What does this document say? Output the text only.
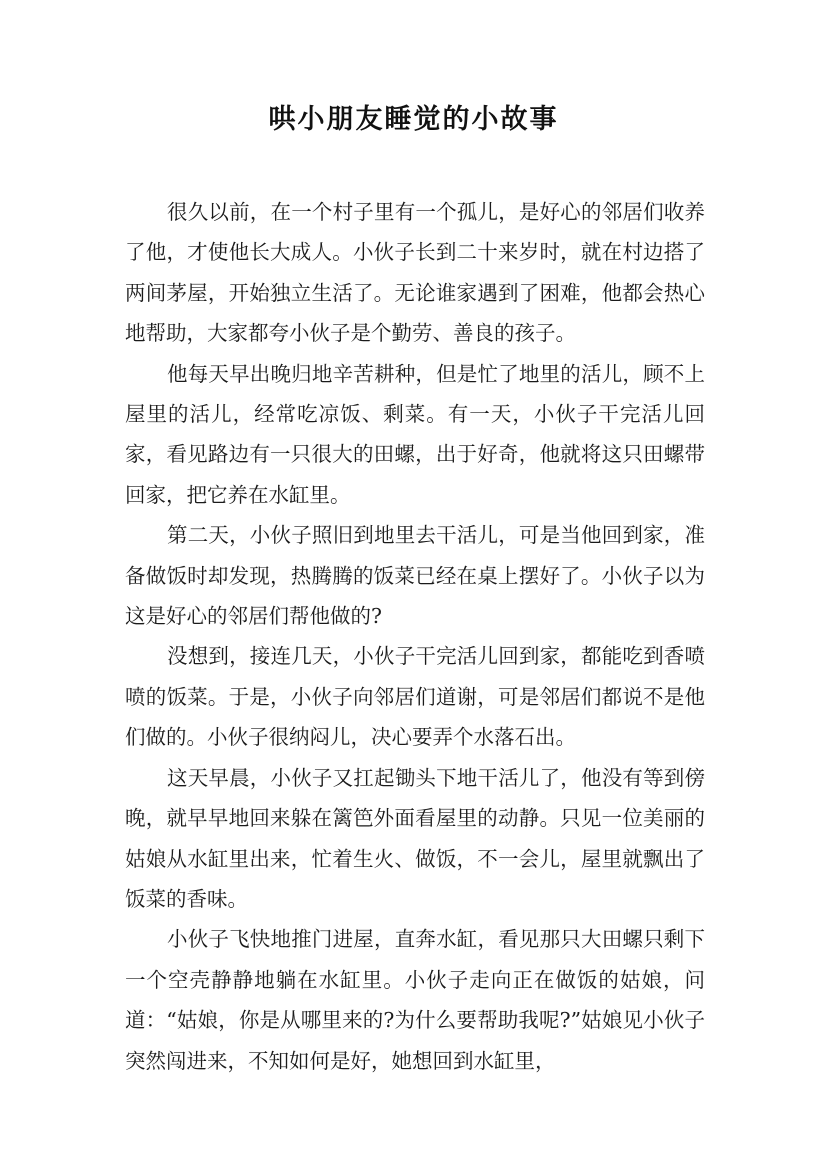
哄小朋友睡觉的小故事

很久以前，在一个村子里有一个孤儿，是好心的邻居们收养了他，才使他长大成人。小伙子长到二十来岁时，就在村边搭了两间茅屋，开始独立生活了。无论谁家遇到了困难，他都会热心地帮助，大家都夸小伙子是个勤劳、善良的孩子。

他每天早出晚归地辛苦耕种，但是忙了地里的活儿，顾不上屋里的活儿，经常吃凉饭、剩菜。有一天，小伙子干完活儿回家，看见路边有一只很大的田螺，出于好奇，他就将这只田螺带回家，把它养在水缸里。

第二天，小伙子照旧到地里去干活儿，可是当他回到家，准备做饭时却发现，热腾腾的饭菜已经在桌上摆好了。小伙子以为这是好心的邻居们帮他做的?

没想到，接连几天，小伙子干完活儿回到家，都能吃到香喷喷的饭菜。于是，小伙子向邻居们道谢，可是邻居们都说不是他们做的。小伙子很纳闷儿，决心要弄个水落石出。

这天早晨，小伙子又扛起锄头下地干活儿了，他没有等到傍晚，就早早地回来躲在篱笆外面看屋里的动静。只见一位美丽的姑娘从水缸里出来，忙着生火、做饭，不一会儿，屋里就飘出了饭菜的香味。

小伙子飞快地推门进屋，直奔水缸，看见那只大田螺只剩下一个空壳静静地躺在水缸里。小伙子走向正在做饭的姑娘，问道：“姑娘，你是从哪里来的?为什么要帮助我呢?”姑娘见小伙子突然闯进来，不知如何是好，她想回到水缸里，
